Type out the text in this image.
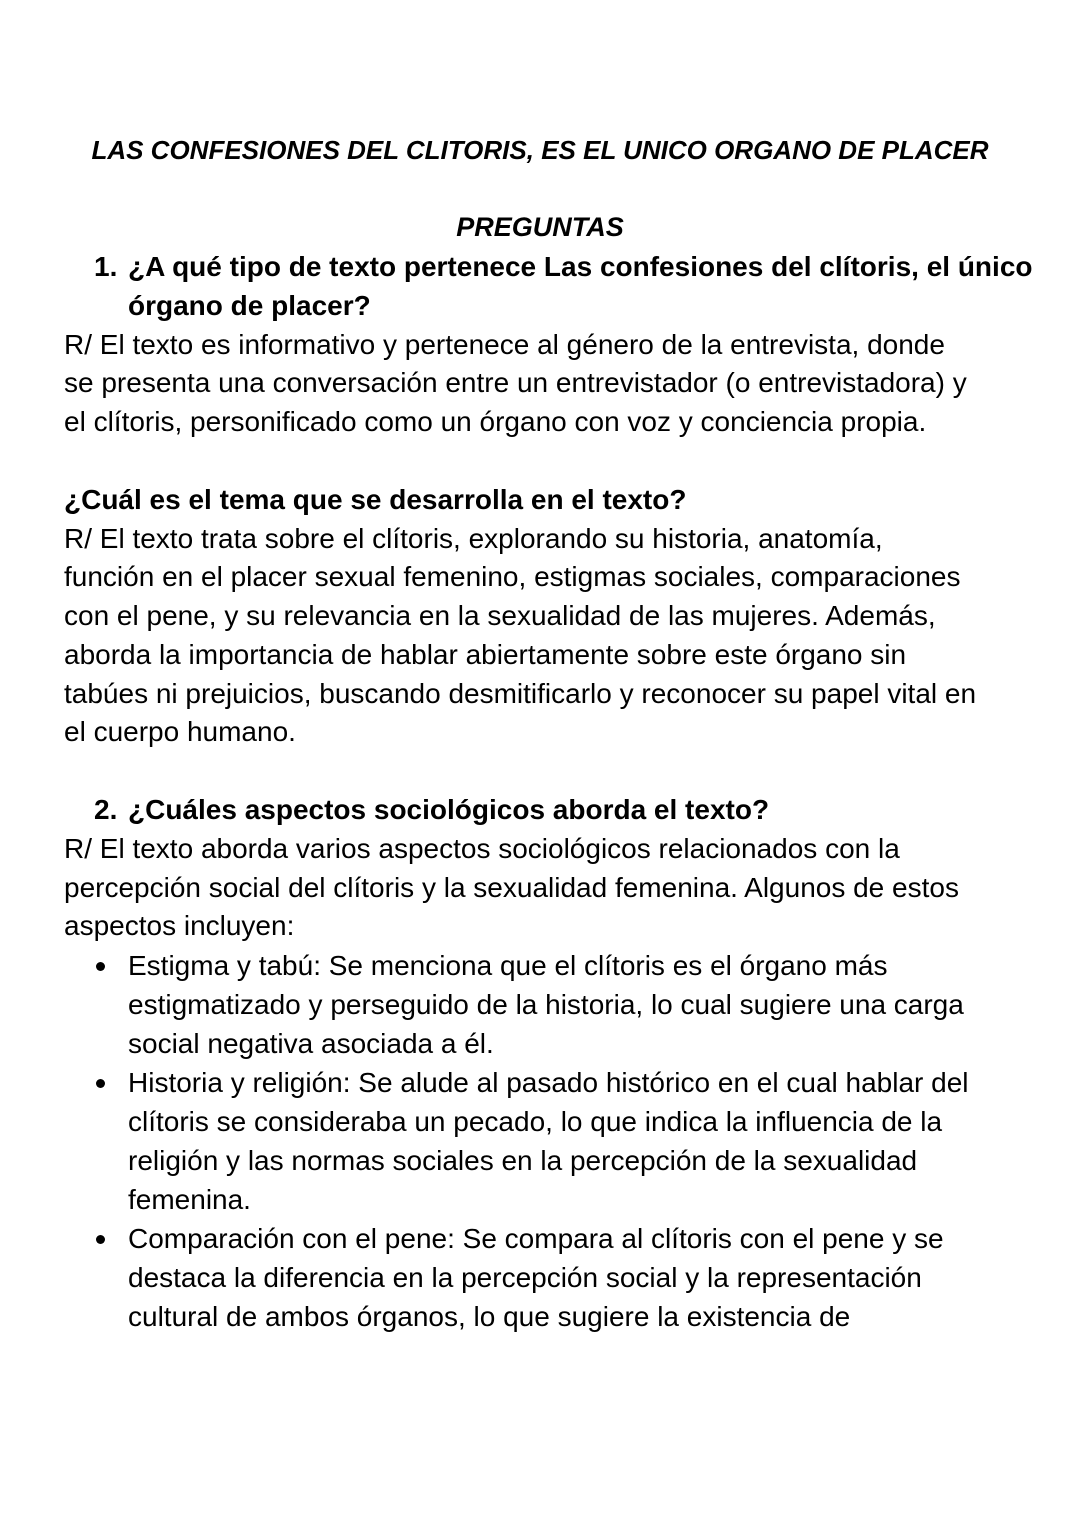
LAS CONFESIONES DEL CLITORIS, ES EL UNICO ORGANO DE PLACER

PREGUNTAS

1. ¿A qué tipo de texto pertenece Las confesiones del clítoris, el único

órgano de placer?

R/ El texto es informativo y pertenece al género de la entrevista, donde

se presenta una conversación entre un entrevistador (o entrevistadora) y

el clítoris, personificado como un órgano con voz y conciencia propia.

¿Cuál es el tema que se desarrolla en el texto?

R/ El texto trata sobre el clítoris, explorando su historia, anatomía,

función en el placer sexual femenino, estigmas sociales, comparaciones

con el pene, y su relevancia en la sexualidad de las mujeres. Además,

aborda la importancia de hablar abiertamente sobre este órgano sin

tabúes ni prejuicios, buscando desmitificarlo y reconocer su papel vital en

el cuerpo humano.

2. ¿Cuáles aspectos sociológicos aborda el texto?

R/ El texto aborda varios aspectos sociológicos relacionados con la

percepción social del clítoris y la sexualidad femenina. Algunos de estos

aspectos incluyen:

Estigma y tabú: Se menciona que el clítoris es el órgano más

estigmatizado y perseguido de la historia, lo cual sugiere una carga

social negativa asociada a él.

Historia y religión: Se alude al pasado histórico en el cual hablar del

clítoris se consideraba un pecado, lo que indica la influencia de la

religión y las normas sociales en la percepción de la sexualidad

femenina.

Comparación con el pene: Se compara al clítoris con el pene y se

destaca la diferencia en la percepción social y la representación

cultural de ambos órganos, lo que sugiere la existencia de
